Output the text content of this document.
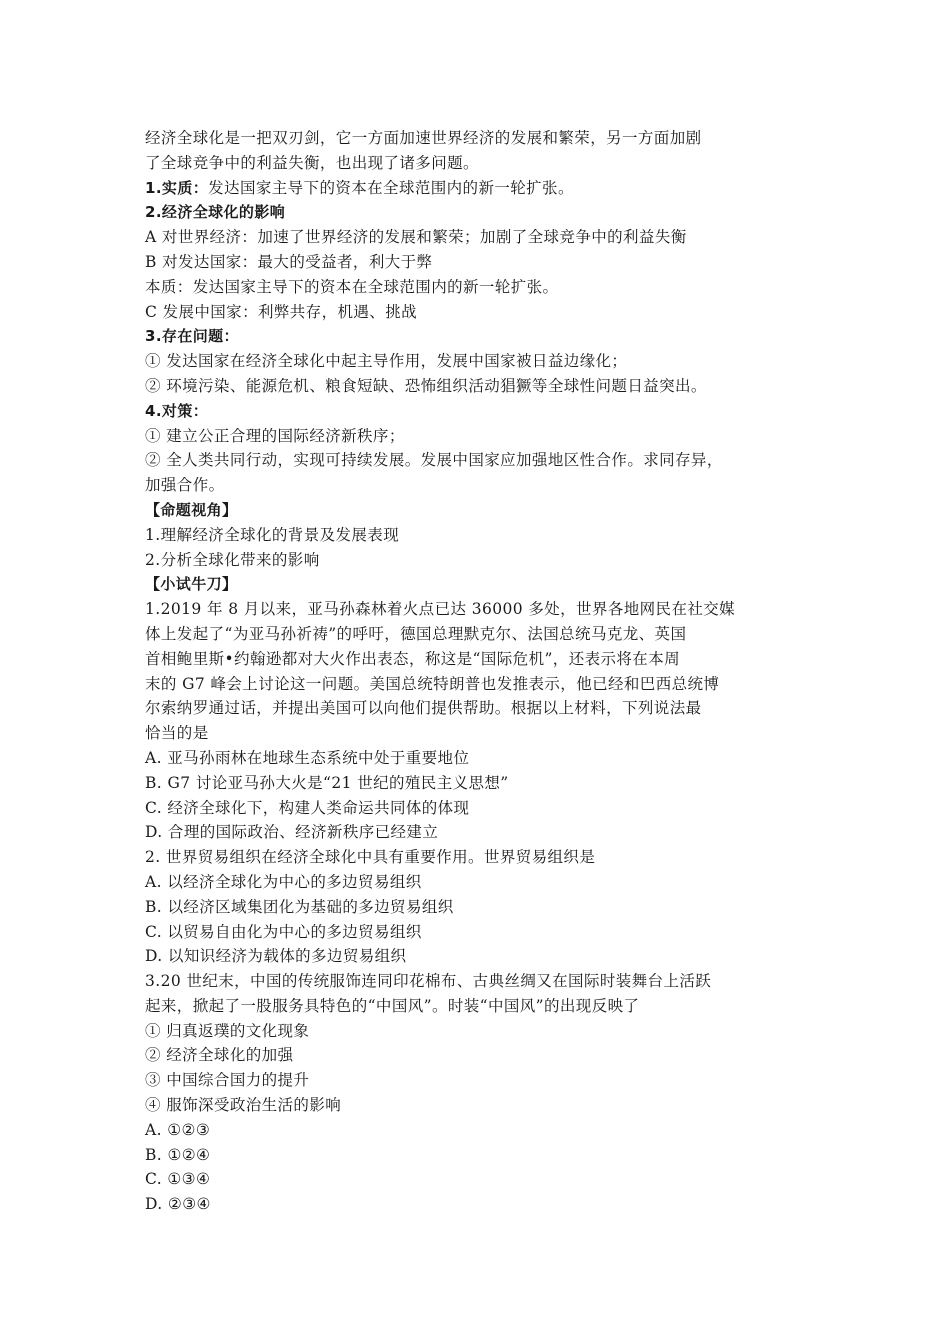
经济全球化是一把双刃剑，它一方面加速世界经济的发展和繁荣，另一方面加剧
了全球竞争中的利益失衡，也出现了诸多问题。
1.实质：发达国家主导下的资本在全球范围内的新一轮扩张。
2.经济全球化的影响
A 对世界经济：加速了世界经济的发展和繁荣；加剧了全球竞争中的利益失衡
B 对发达国家：最大的受益者，利大于弊
本质：发达国家主导下的资本在全球范围内的新一轮扩张。
C 发展中国家：利弊共存，机遇、挑战
3.存在问题：
① 发达国家在经济全球化中起主导作用，发展中国家被日益边缘化；
② 环境污染、能源危机、粮食短缺、恐怖组织活动猖獗等全球性问题日益突出。
4.对策：
① 建立公正合理的国际经济新秩序；
② 全人类共同行动，实现可持续发展。发展中国家应加强地区性合作。求同存异，
加强合作。
【命题视角】
1.理解经济全球化的背景及发展表现
2.分析全球化带来的影响
【小试牛刀】
1.2019 年 8 月以来，亚马孙森林着火点已达 36000 多处，世界各地网民在社交媒
体上发起了“为亚马孙祈祷”的呼吁，德国总理默克尔、法国总统马克龙、英国
首相鲍里斯•约翰逊都对大火作出表态，称这是“国际危机”，还表示将在本周
末的 G7 峰会上讨论这一问题。美国总统特朗普也发推表示，他已经和巴西总统博
尔索纳罗通过话，并提出美国可以向他们提供帮助。根据以上材料，下列说法最
恰当的是
A. 亚马孙雨林在地球生态系统中处于重要地位
B. G7 讨论亚马孙大火是“21 世纪的殖民主义思想”
C. 经济全球化下，构建人类命运共同体的体现
D. 合理的国际政治、经济新秩序已经建立
2. 世界贸易组织在经济全球化中具有重要作用。世界贸易组织是
A. 以经济全球化为中心的多边贸易组织
B. 以经济区域集团化为基础的多边贸易组织
C. 以贸易自由化为中心的多边贸易组织
D. 以知识经济为载体的多边贸易组织
3.20 世纪末，中国的传统服饰连同印花棉布、古典丝绸又在国际时装舞台上活跃
起来，掀起了一股服务具特色的“中国风”。时装“中国风”的出现反映了
① 归真返璞的文化现象
② 经济全球化的加强
③ 中国综合国力的提升
④ 服饰深受政治生活的影响
A. ①②③
B. ①②④
C. ①③④
D. ②③④
